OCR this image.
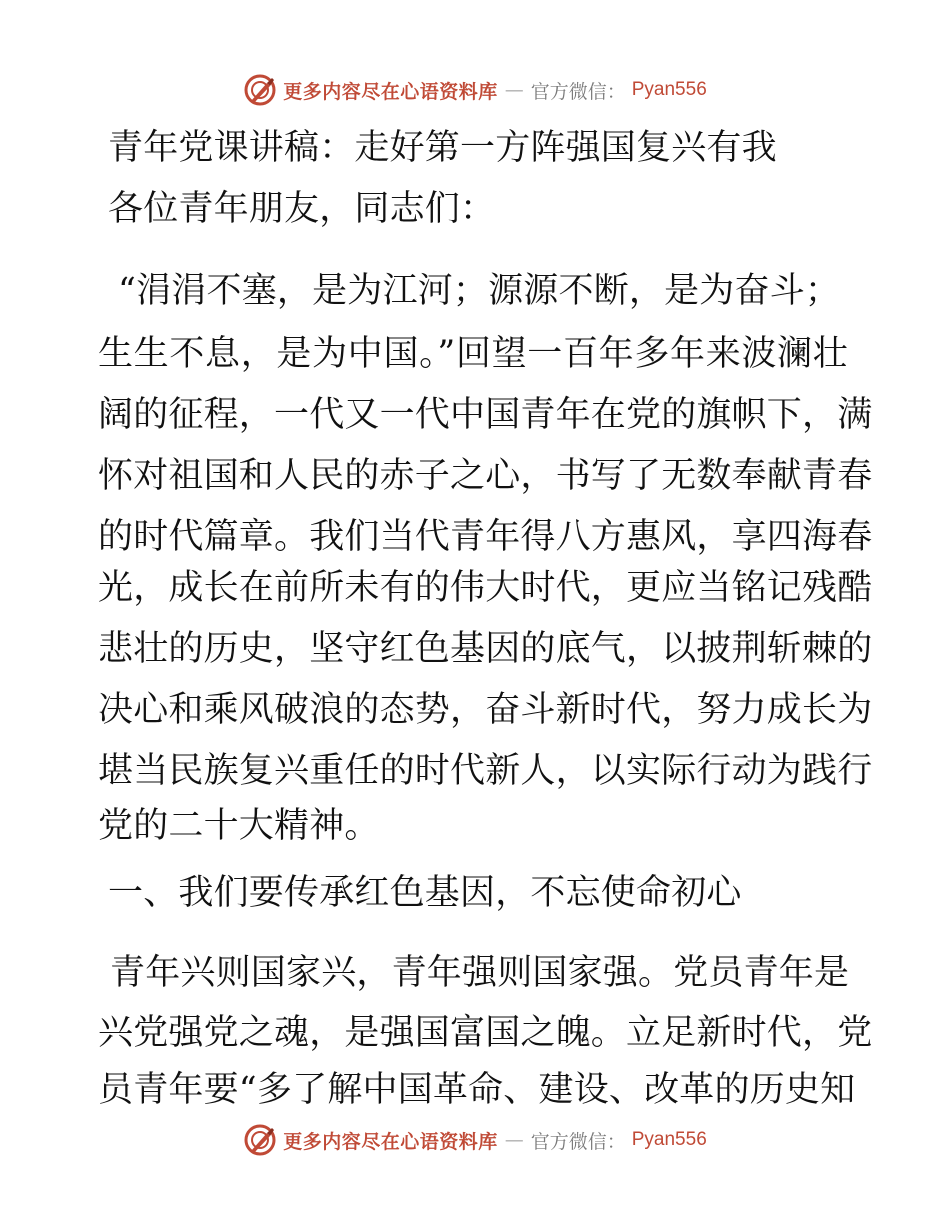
更多内容尽在心语资料库 — 官方微信： Pyan556
青年党课讲稿：走好第一方阵强国复兴有我
各位青年朋友，同志们：
“涓涓不塞，是为江河；源源不断，是为奋斗；
生生不息，是为中国。”回望一百年多年来波澜壮
阔的征程，一代又一代中国青年在党的旗帜下，满
怀对祖国和人民的赤子之心，书写了无数奉献青春
的时代篇章。我们当代青年得八方惠风，享四海春
光，成长在前所未有的伟大时代，更应当铭记残酷
悲壮的历史，坚守红色基因的底气，以披荆斩棘的
决心和乘风破浪的态势，奋斗新时代，努力成长为
堪当民族复兴重任的时代新人，以实际行动为践行
党的二十大精神。
一、我们要传承红色基因，不忘使命初心
青年兴则国家兴，青年强则国家强。党员青年是
兴党强党之魂，是强国富国之魄。立足新时代，党
员青年要“多了解中国革命、建设、改革的历史知
更多内容尽在心语资料库 — 官方微信： Pyan556
